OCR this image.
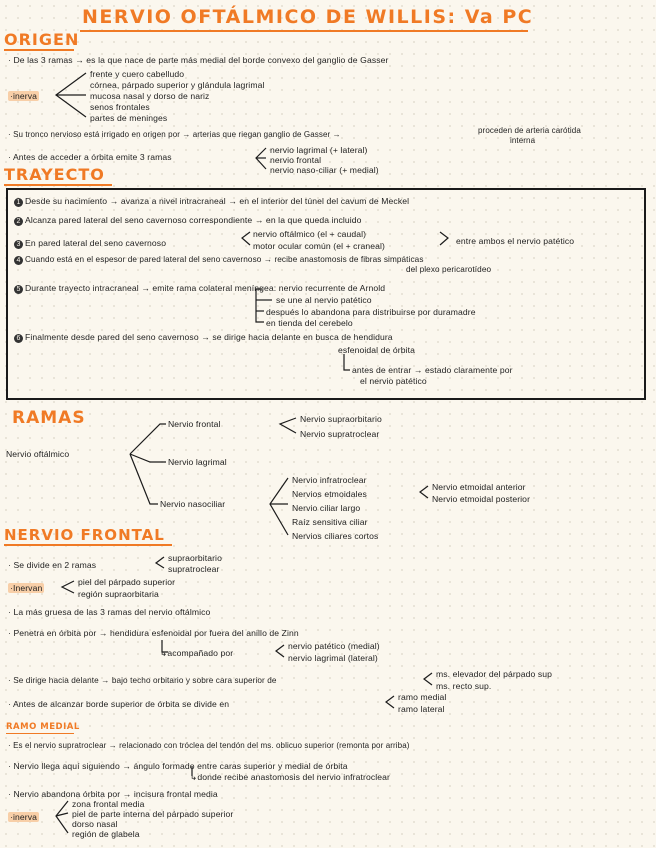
NERVIO OFTÁLMICO DE WILLIS: Va PC
ORIGEN
· De las 3 ramas → es la que nace de parte más medial del borde convexo del ganglio de Gasser
·inerva
frente y cuero cabelludo
córnea, párpado superior y glándula lagrimal
mucosa nasal y dorso de nariz
senos frontales
partes de meninges
· Su tronco nervioso está irrigado en origen por → arterias que riegan ganglio de Gasser →	proceden de arteria carótida
interna
· Antes de acceder a órbita emite 3 ramas
nervio lagrimal (+ lateral)
nervio frontal
nervio naso-ciliar (+ medial)
TRAYECTO
1 Desde su nacimiento → avanza a nivel intracraneal → en el interior del túnel del cavum de Meckel
2 Alcanza pared lateral del seno cavernoso correspondiente → en la que queda incluido
3 En pared lateral del seno cavernoso
nervio oftálmico (el + caudal)
motor ocular común (el + craneal)	entre ambos el nervio patético
4 Cuando está en el espesor de pared lateral del seno cavernoso → recibe anastomosis de fibras simpáticas
del plexo pericarotídeo
5 Durante trayecto intracraneal → emite rama colateral meníngea: nervio recurrente de Arnold
se une al nervio patético
después lo abandona para distribuirse por duramadre
en tienda del cerebelo
6 Finalmente desde pared del seno cavernoso → se dirige hacia delante en busca de hendidura
esfenoidal de órbita
antes de entrar → estado claramente por
el nervio patético
RAMAS
Nervio oftálmico
Nervio frontal	Nervio supraorbitario
Nervio supratroclear
Nervio lagrimal
Nervio nasociliar
Nervio infratroclear
Nervios etmoidales
Nervio ciliar largo
Raíz sensitiva ciliar
Nervios ciliares cortos
Nervio etmoidal anterior
Nervio etmoidal posterior
NERVIO FRONTAL
· Se divide en 2 ramas
supraorbitario
supratroclear
·Inervan
piel del párpado superior
región supraorbitaria
· La más gruesa de las 3 ramas del nervio oftálmico
· Penetra en órbita por → hendidura esfenoidal por fuera del anillo de Zinn
↳acompañado por
nervio patético (medial)
nervio lagrimal (lateral)
· Se dirige hacia delante → bajo techo orbitario y sobre cara superior de
ms. elevador del párpado sup
ms. recto sup.
· Antes de alcanzar borde superior de órbita se divide en
ramo medial
ramo lateral
RAMO MEDIAL
· Es el nervio supratroclear → relacionado con tróclea del tendón del ms. oblicuo superior (remonta por arriba)
· Nervio llega aquí siguiendo → ángulo formado entre caras superior y medial de órbita
↳donde recibe anastomosis del nervio infratroclear
· Nervio abandona órbita por → incisura frontal media
·inerva
zona frontal media
piel de parte interna del párpado superior
dorso nasal
región de glabela
